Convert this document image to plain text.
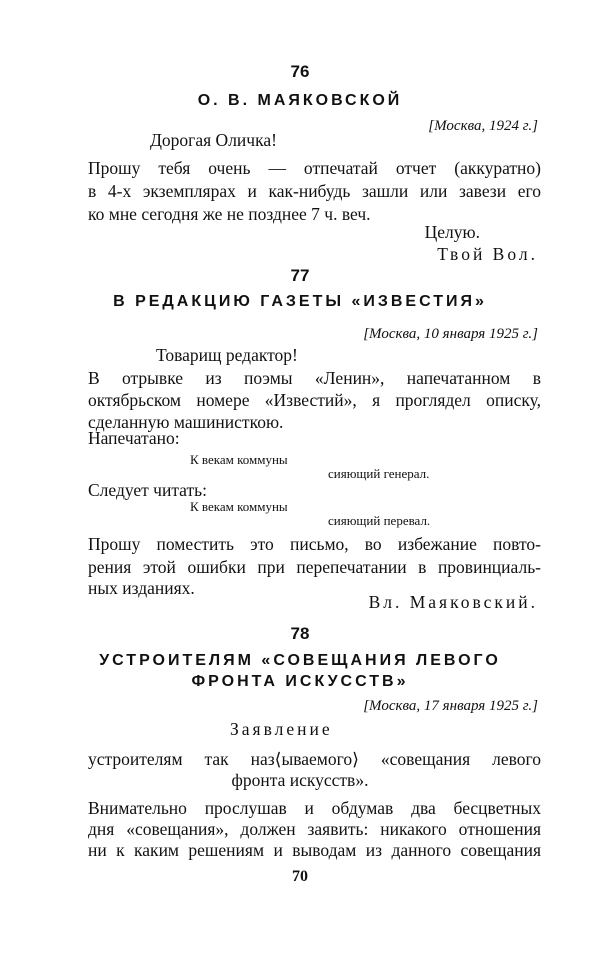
76
О. В. МАЯКОВСКОЙ
[Москва, 1924 г.]
Дорогая Оличка!
Прошу тебя очень — отпечатай отчет (аккуратно)
в 4-х экземплярах и как-нибудь зашли или завези его
ко мне сегодня же не позднее 7 ч. веч.
Целую.
Твой Вол.
77
В РЕДАКЦИЮ ГАЗЕТЫ «ИЗВЕСТИЯ»
[Москва, 10 января 1925 г.]
Товарищ редактор!
В отрывке из поэмы «Ленин», напечатанном в
октябрьском номере «Известий», я проглядел описку,
сделанную машинисткою.
Напечатано:
К векам коммуны
сияющий генерал.
Следует читать:
К векам коммуны
сияющий перевал.
Прошу поместить это письмо, во избежание повто-
рения этой ошибки при перепечатании в провинциаль-
ных изданиях.
Вл. Маяковский.
78
УСТРОИТЕЛЯМ «СОВЕЩАНИЯ ЛЕВОГО
ФРОНТА ИСКУССТВ»
[Москва, 17 января 1925 г.]
Заявление
устроителям так наз⟨ываемого⟩ «совещания левого
фронта искусств».
Внимательно прослушав и обдумав два бесцветных
дня «совещания», должен заявить: никакого отношения
ни к каким решениям и выводам из данного совещания
70
